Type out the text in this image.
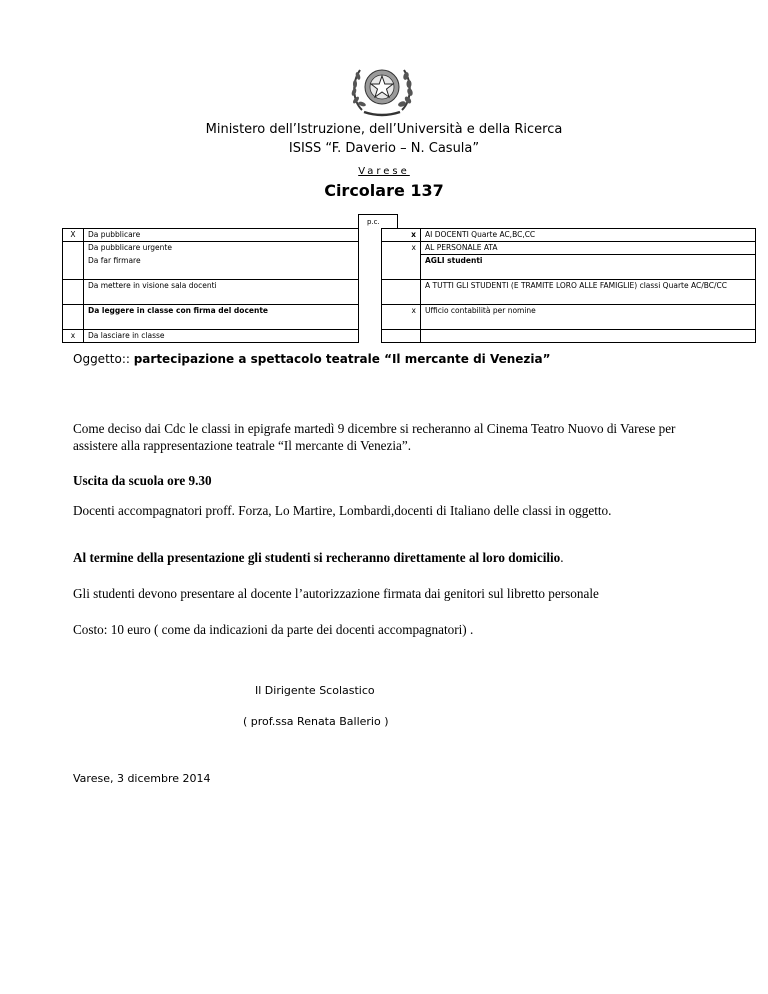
Ministero dell’Istruzione, dell’Università e della Ricerca
ISISS “F. Daverio – N. Casula”
Varese
Circolare 137
p.c.
X	Da pubblicare		x	AI DOCENTI Quarte AC,BC,CC
	Da pubblicare urgente		x	AL PERSONALE ATA
	Da far firmare			AGLI studenti
	Da mettere in visione sala docenti			A TUTTI GLI STUDENTI (E TRAMITE LORO ALLE FAMIGLIE) classi Quarte AC/BC/CC
	Da leggere in classe con firma del docente		x	Ufficio contabilità per nomine
x	Da lasciare in classe			
Oggetto:: partecipazione a spettacolo teatrale “Il mercante di Venezia”
Come deciso dai Cdc le classi in epigrafe martedì 9 dicembre si recheranno al Cinema Teatro Nuovo di Varese per assistere alla rappresentazione teatrale “Il mercante di Venezia”.
Uscita da scuola ore 9.30
Docenti accompagnatori proff. Forza, Lo Martire, Lombardi,docenti di Italiano delle classi in oggetto.
Al termine della presentazione gli studenti si recheranno direttamente al loro domicilio.
Gli studenti devono presentare al docente l’autorizzazione firmata dai genitori sul libretto personale
Costo: 10 euro ( come da indicazioni da parte dei docenti accompagnatori) .
Il Dirigente Scolastico
( prof.ssa Renata Ballerio )
Varese, 3 dicembre 2014
